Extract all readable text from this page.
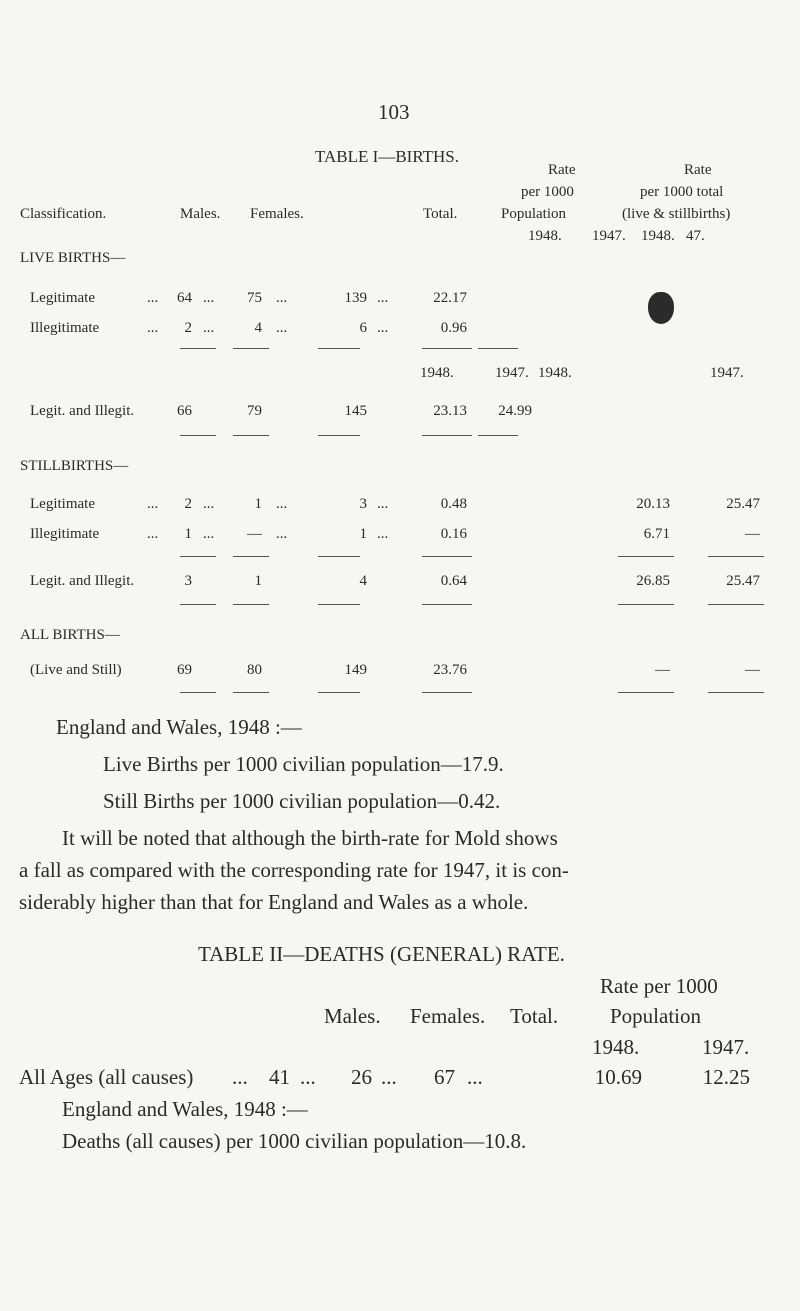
103
TABLE I—BIRTHS.
Classification.	Males. Females.	Total.
Rate
per 1000
Population
Rate
per 1000 total
(live & stillbirths)
1948. 1947. 1948. 47.
LIVE BIRTHS—
Legitimate	...	64 ...	75 ...	139 ...	22.17
Illegitimate	...	2 ...	4 ...	6 ...	0.96
1948.	1947. 1948.	1947.
Legit. and Illegit.	66	79	145	23.13	24.99
STILLBIRTHS—
Legitimate	...	2 ...	1 ...	3 ...	0.48	20.13	25.47
Illegitimate	...	1 ...	— ...	1 ...	0.16	6.71	—
Legit. and Illegit.	3	1	4	0.64	26.85	25.47
ALL BIRTHS—
(Live and Still)	69	80	149	23.76	—	—
England and Wales, 1948 :—
Live Births per 1000 civilian population—17.9.
Still Births per 1000 civilian population—0.42.
It will be noted that although the birth-rate for Mold shows
a fall as compared with the corresponding rate for 1947, it is con-
siderably higher than that for England and Wales as a whole.
TABLE II—DEATHS (GENERAL) RATE.
Rate per 1000
Males. Females. Total. Population
1948.	1947.
All Ages (all causes) ...	41 ...	26 ...	67 ...	10.69	12.25
England and Wales, 1948 :—
Deaths (all causes) per 1000 civilian population—10.8.
